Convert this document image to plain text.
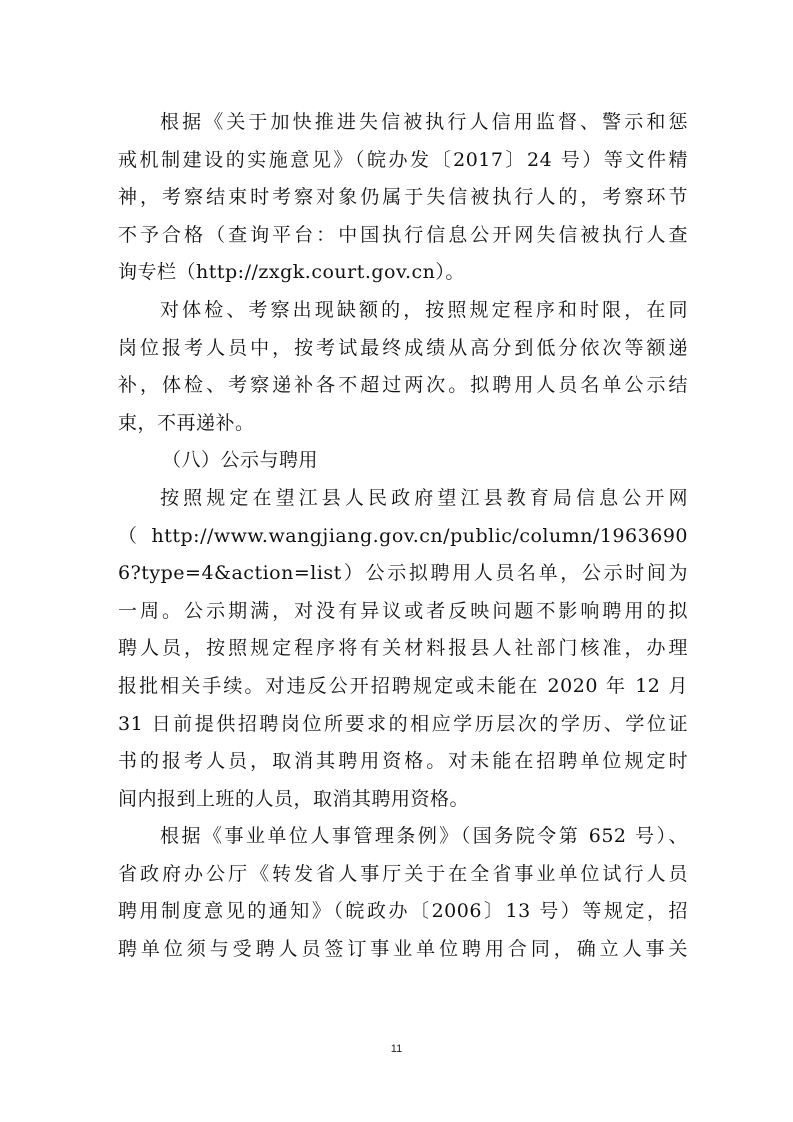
根据《关于加快推进失信被执行人信用监督、警示和惩
戒机制建设的实施意见》（皖办发〔2017〕24 号）等文件精
神，考察结束时考察对象仍属于失信被执行人的，考察环节
不予合格（查询平台：中国执行信息公开网失信被执行人查
询专栏（http://zxgk.court.gov.cn）。
对体检、考察出现缺额的，按照规定程序和时限，在同
岗位报考人员中，按考试最终成绩从高分到低分依次等额递
补，体检、考察递补各不超过两次。拟聘用人员名单公示结
束，不再递补。
（八）公示与聘用
按照规定在望江县人民政府望江县教育局信息公开网
（ http://www.wangjiang.gov.cn/public/column/1963690
6?type=4&action=list）公示拟聘用人员名单，公示时间为
一周。公示期满，对没有异议或者反映问题不影响聘用的拟
聘人员，按照规定程序将有关材料报县人社部门核准，办理
报批相关手续。对违反公开招聘规定或未能在 2020 年 12 月
31 日前提供招聘岗位所要求的相应学历层次的学历、学位证
书的报考人员，取消其聘用资格。对未能在招聘单位规定时
间内报到上班的人员，取消其聘用资格。
根据《事业单位人事管理条例》（国务院令第 652 号）、
省政府办公厅《转发省人事厅关于在全省事业单位试行人员
聘用制度意见的通知》（皖政办〔2006〕13 号）等规定，招
聘单位须与受聘人员签订事业单位聘用合同，确立人事关
11
